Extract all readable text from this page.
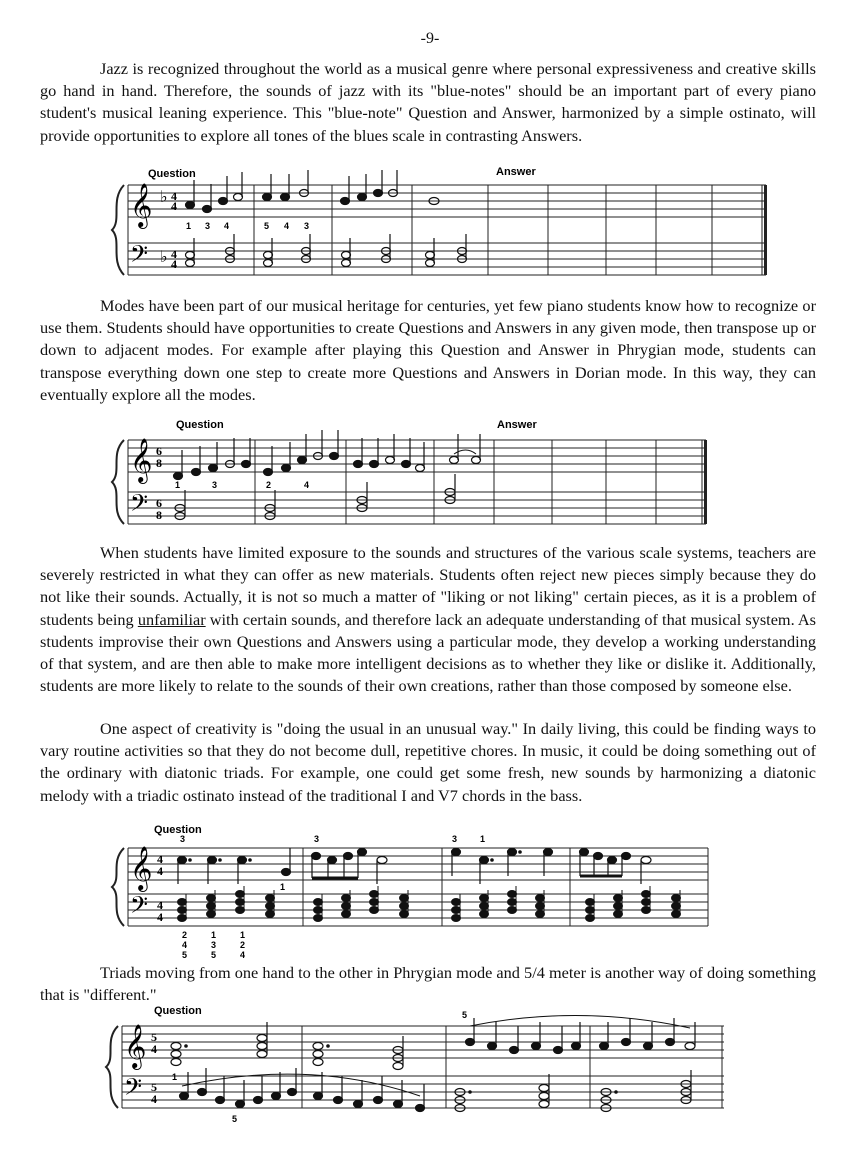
-9-

Jazz is recognized throughout the world as a musical genre where personal expressiveness and creative skills go hand in hand. Therefore, the sounds of jazz with its "blue-notes" should be an important part of every piano student's musical leaning experience. This "blue-note" Question and Answer, harmonized by a simple ostinato, will provide opportunities to explore all tones of the blues scale in contrasting Answers.

Question	Answer
𝄞
𝄢
♭
♭
4
4
4
4
1 3 4	5 4 3

Modes have been part of our musical heritage for centuries, yet few piano students know how to recognize or use them. Students should have opportunities to create Questions and Answers in any given mode, then transpose up or down to adjacent modes. For example after playing this Question and Answer in Phrygian mode, students can transpose everything down one step to create more Questions and Answers in Dorian mode. In this way, they can eventually explore all the modes.

Question	Answer
𝄞
𝄢
6
8
6
8
1	3	2	4

When students have limited exposure to the sounds and structures of the various scale systems, teachers are severely restricted in what they can offer as new materials. Students often reject new pieces simply because they do not like their sounds. Actually, it is not so much a matter of "liking or not liking" certain pieces, as it is a problem of students being unfamiliar with certain sounds, and therefore lack an adequate understanding of that musical system. As students improvise their own Questions and Answers using a particular mode, they develop a working understanding of that system, and are then able to make more intelligent decisions as to whether they like or dislike it. Additionally, students are more likely to relate to the sounds of their own creations, rather than those composed by someone else.

One aspect of creativity is "doing the usual in an unusual way." In daily living, this could be finding ways to vary routine activities so that they do not become dull, repetitive chores. In music, it could be doing something out of the ordinary with diatonic triads. For example, one could get some fresh, new sounds by harmonizing a diatonic melody with a triadic ostinato instead of the traditional I and V7 chords in the bass.

Question
𝄞
𝄢
4
4
4
4
3
1
3	3	1
2
4
5
1
3
5
1
2
4

Triads moving from one hand to the other in Phrygian mode and 5/4 meter is another way of doing something that is "different."

Question
𝄞
𝄢
5
4
5
4
1
5
5
